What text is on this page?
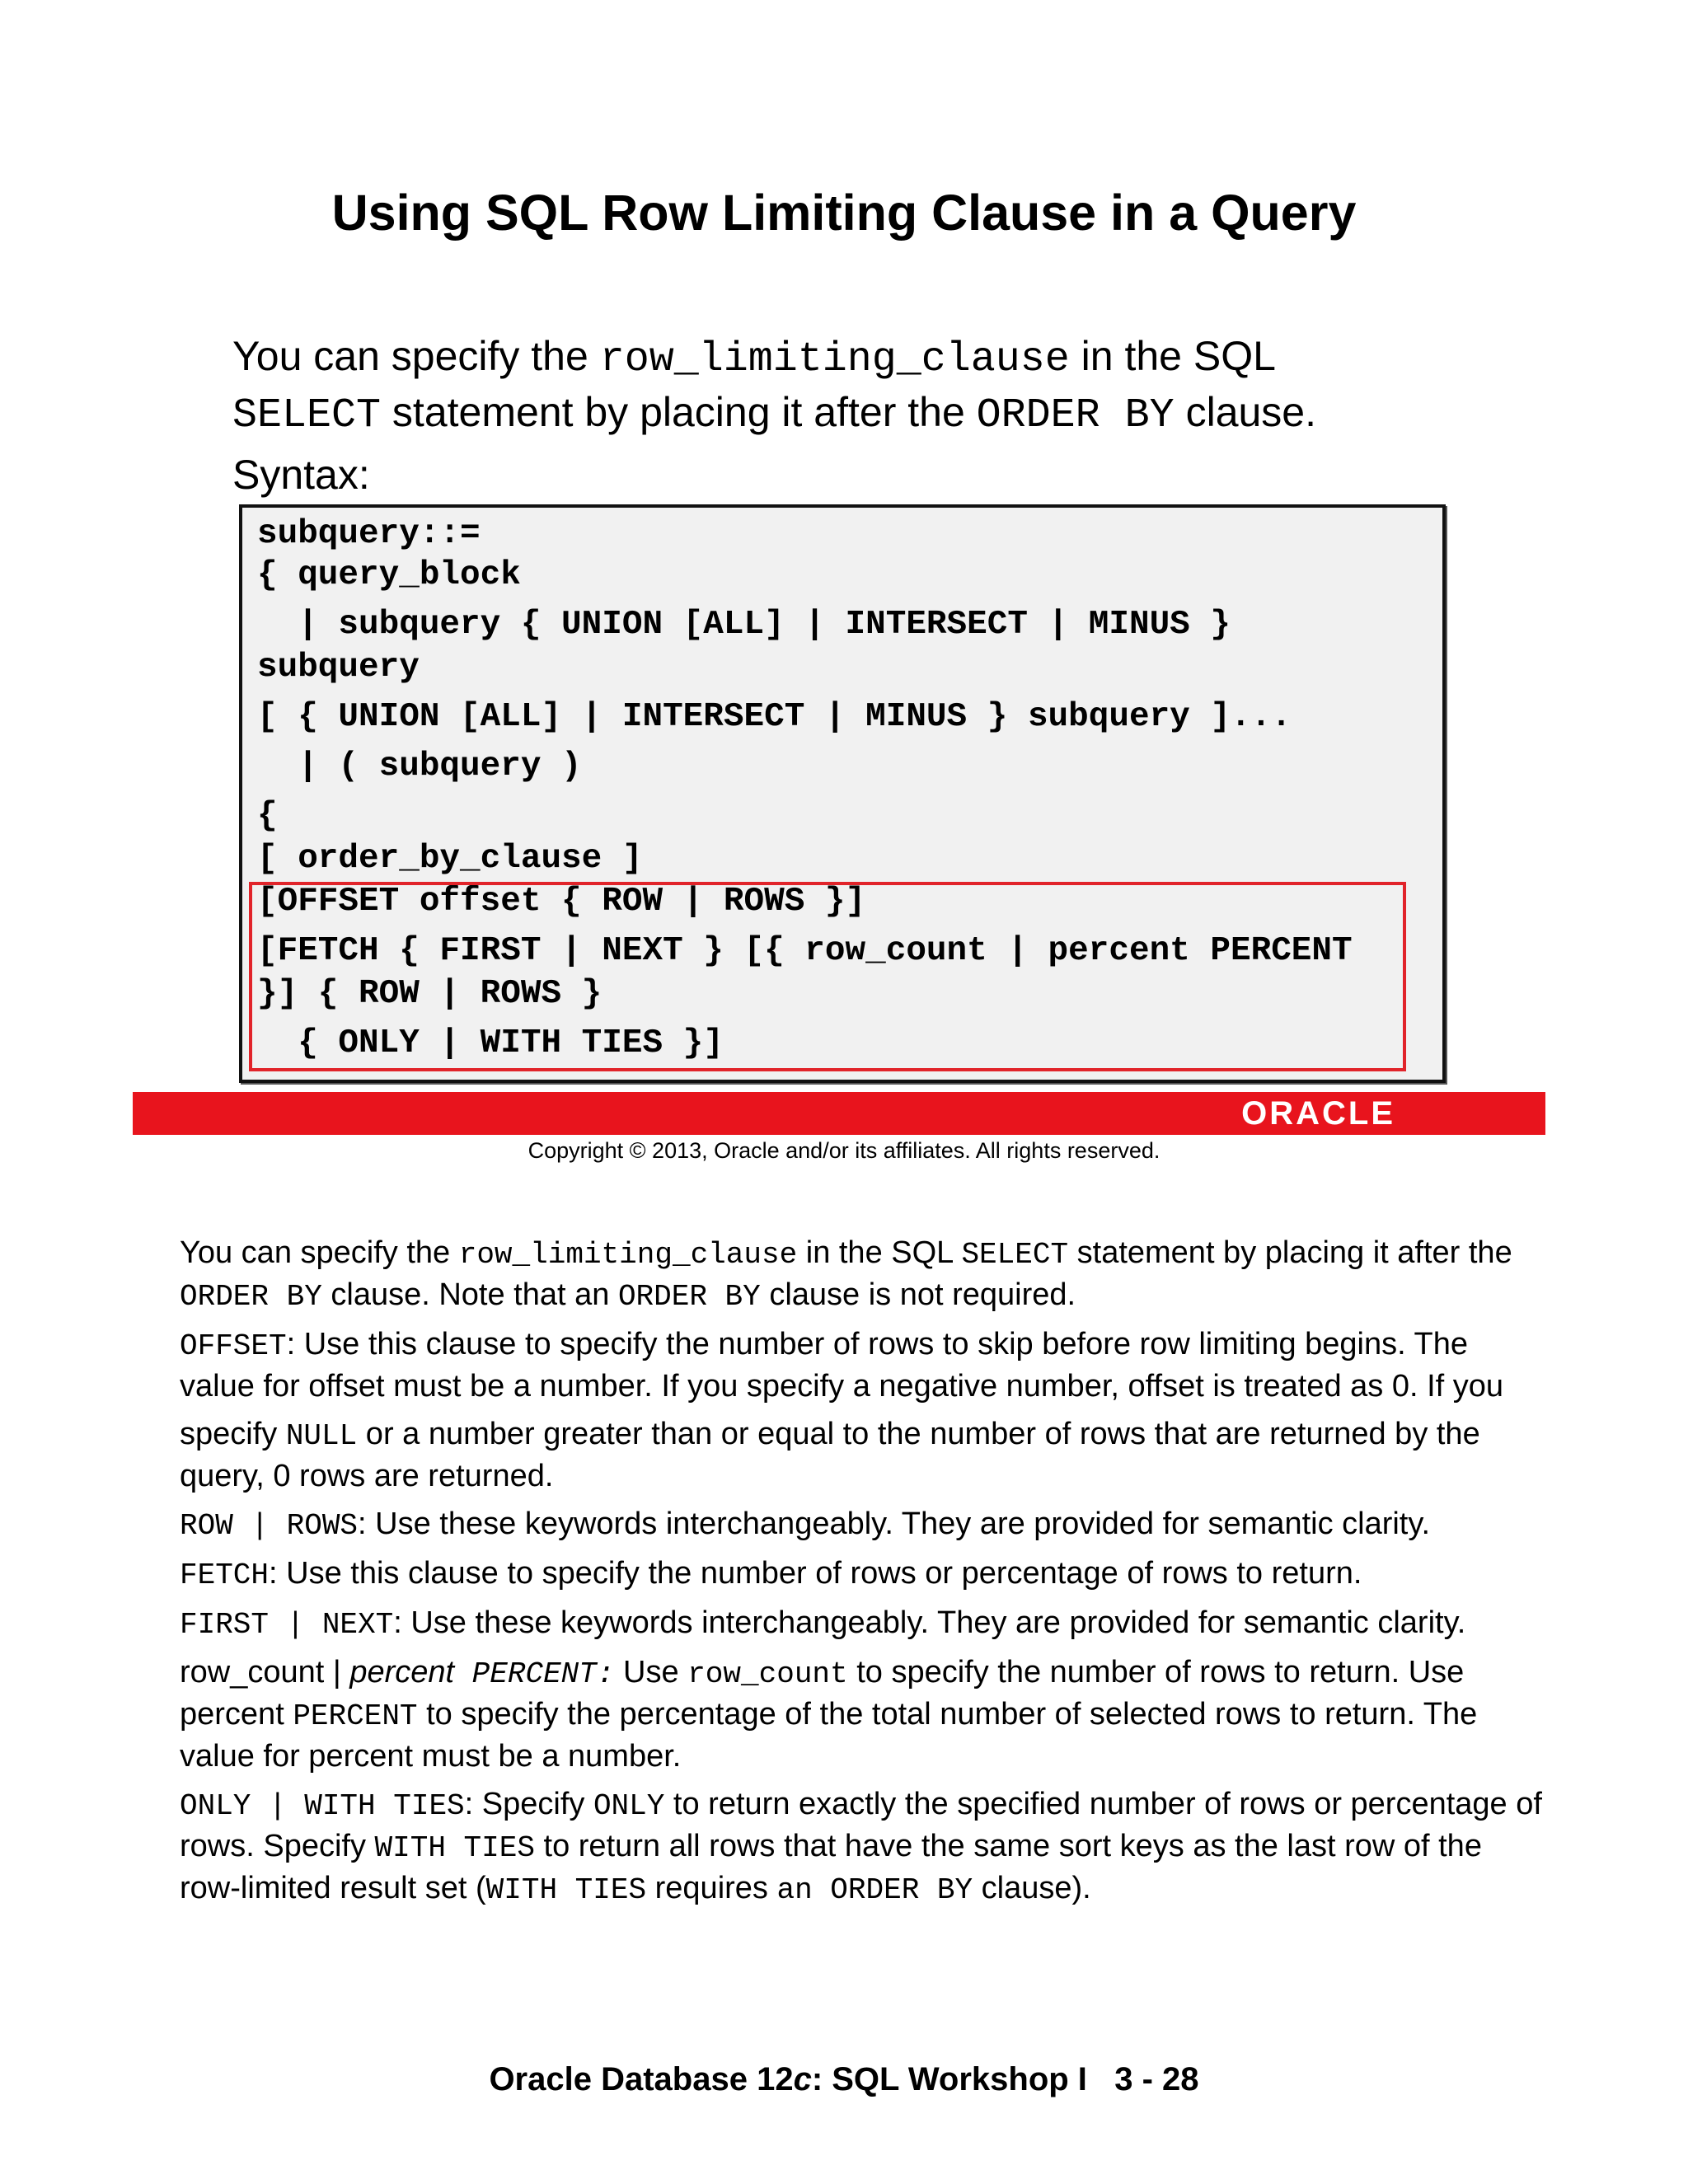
Using SQL Row Limiting Clause in a Query
You can specify the row_limiting_clause in the SQL
SELECT statement by placing it after the ORDER BY clause.
Syntax:
subquery::=
{ query_block
| subquery { UNION [ALL] | INTERSECT | MINUS }
subquery
[ { UNION [ALL] | INTERSECT | MINUS } subquery ]...
| ( subquery )
{
[ order_by_clause ]
[OFFSET offset { ROW | ROWS }]
[FETCH { FIRST | NEXT } [{ row_count | percent PERCENT
}] { ROW | ROWS }
{ ONLY | WITH TIES }]
ORACLE
Copyright © 2013, Oracle and/or its affiliates. All rights reserved.

You can specify the row_limiting_clause in the SQL SELECT statement by placing it after the ORDER BY clause. Note that an ORDER BY clause is not required.

OFFSET: Use this clause to specify the number of rows to skip before row limiting begins. The value for offset must be a number. If you specify a negative number, offset is treated as 0. If you

specify NULL or a number greater than or equal to the number of rows that are returned by the query, 0 rows are returned.

ROW | ROWS: Use these keywords interchangeably. They are provided for semantic clarity.

FETCH: Use this clause to specify the number of rows or percentage of rows to return.

FIRST | NEXT: Use these keywords interchangeably. They are provided for semantic clarity.

row_count | percent PERCENT: Use row_count to specify the number of rows to return. Use percent PERCENT to specify the percentage of the total number of selected rows to return. The value for percent must be a number.

ONLY | WITH TIES: Specify ONLY to return exactly the specified number of rows or percentage of rows. Specify WITH TIES to return all rows that have the same sort keys as the last row of the row-limited result set (WITH TIES requires an ORDER BY clause).

Oracle Database 12c: SQL Workshop I   3 - 28
